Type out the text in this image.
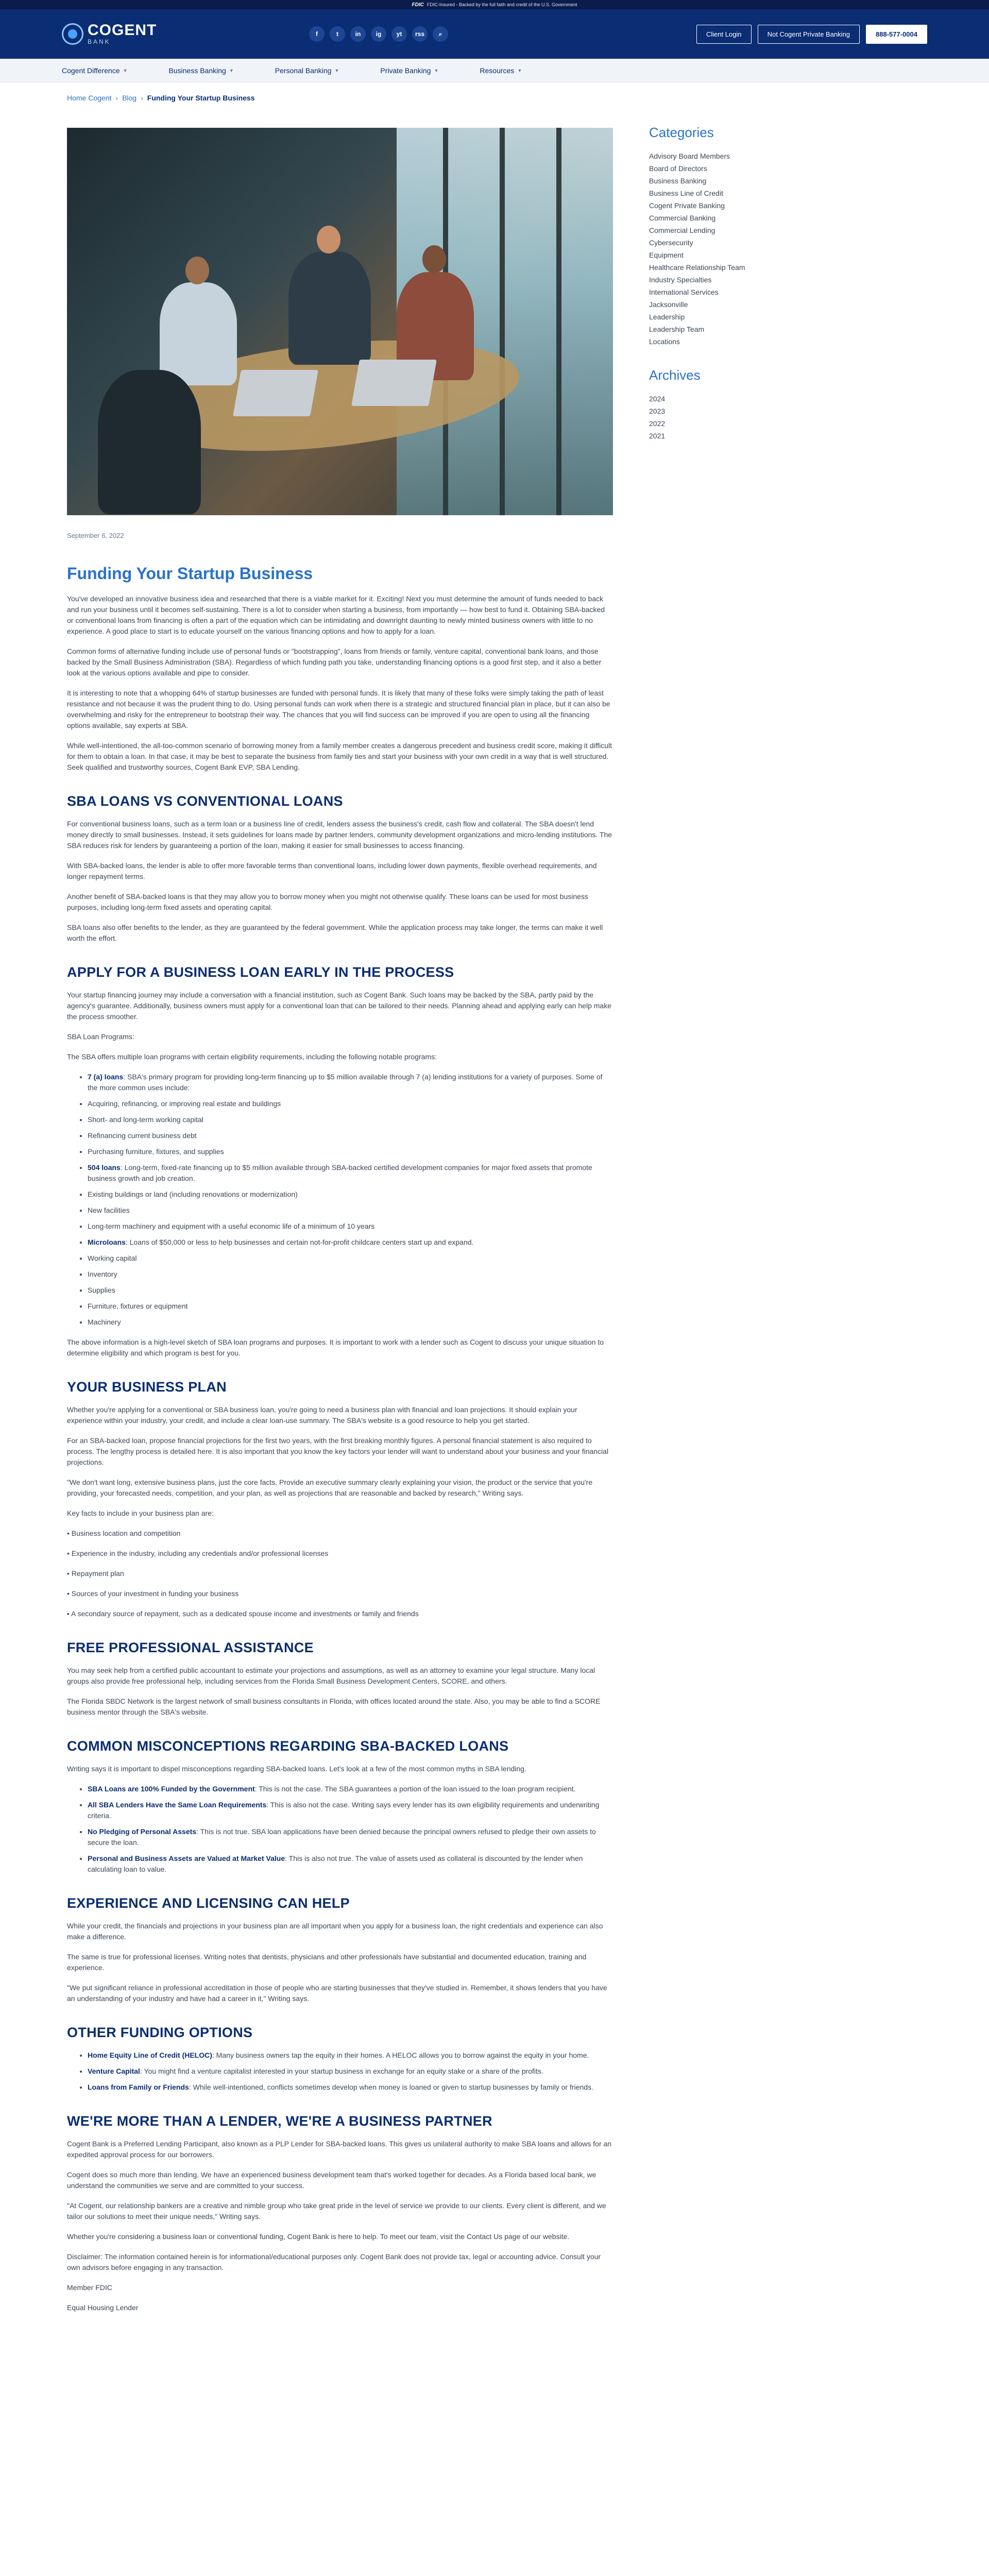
FDIC FDIC-Insured - Backed by the full faith and credit of the U.S. Government
COGENT
BANK
f	t	in	ig	yt	rss	⌕	Client Login	Not Cogent Private Banking	888-577-0004
Cogent Difference ▼	Business Banking ▼	Personal Banking ▼	Private Banking ▼	Resources ▼
Home Cogent › Blog › Funding Your Startup Business
September 6, 2022
Funding Your Startup Business

You've developed an innovative business idea and researched that there is a viable market for it. Exciting! Next you must determine the amount of funds needed to back and run your business until it becomes self-sustaining. There is a lot to consider when starting a business, from importantly — how best to fund it. Obtaining SBA-backed or conventional loans from financing is often a part of the equation which can be intimidating and downright daunting to newly minted business owners with little to no experience. A good place to start is to educate yourself on the various financing options and how to apply for a loan.

Common forms of alternative funding include use of personal funds or "bootstrapping", loans from friends or family, venture capital, conventional bank loans, and those backed by the Small Business Administration (SBA). Regardless of which funding path you take, understanding financing options is a good first step, and it also a better look at the various options available and pipe to consider.

It is interesting to note that a whopping 64% of startup businesses are funded with personal funds. It is likely that many of these folks were simply taking the path of least resistance and not because it was the prudent thing to do. Using personal funds can work when there is a strategic and structured financial plan in place, but it can also be overwhelming and risky for the entrepreneur to bootstrap their way. The chances that you will find success can be improved if you are open to using all the financing options available, say experts at SBA.

While well-intentioned, the all-too-common scenario of borrowing money from a family member creates a dangerous precedent and business credit score, making it difficult for them to obtain a loan. In that case, it may be best to separate the business from family ties and start your business with your own credit in a way that is well structured. Seek qualified and trustworthy sources, Cogent Bank EVP, SBA Lending.

SBA LOANS VS CONVENTIONAL LOANS

For conventional business loans, such as a term loan or a business line of credit, lenders assess the business's credit, cash flow and collateral. The SBA doesn't lend money directly to small businesses. Instead, it sets guidelines for loans made by partner lenders, community development organizations and micro-lending institutions. The SBA reduces risk for lenders by guaranteeing a portion of the loan, making it easier for small businesses to access financing.

With SBA-backed loans, the lender is able to offer more favorable terms than conventional loans, including lower down payments, flexible overhead requirements, and longer repayment terms.

Another benefit of SBA-backed loans is that they may allow you to borrow money when you might not otherwise qualify. These loans can be used for most business purposes, including long-term fixed assets and operating capital.

SBA loans also offer benefits to the lender, as they are guaranteed by the federal government. While the application process may take longer, the terms can make it well worth the effort.

APPLY FOR A BUSINESS LOAN EARLY IN THE PROCESS

Your startup financing journey may include a conversation with a financial institution, such as Cogent Bank. Such loans may be backed by the SBA, partly paid by the agency's guarantee. Additionally, business owners must apply for a conventional loan that can be tailored to their needs. Planning ahead and applying early can help make the process smoother.

SBA Loan Programs:

The SBA offers multiple loan programs with certain eligibility requirements, including the following notable programs:

• 7 (a) loans: SBA's primary program for providing long-term financing up to $5 million available through 7 (a) lending institutions for a variety of purposes. Some of the more common uses include:
• Acquiring, refinancing, or improving real estate and buildings
• Short- and long-term working capital
• Refinancing current business debt
• Purchasing furniture, fixtures, and supplies
• 504 loans: Long-term, fixed-rate financing up to $5 million available through SBA-backed certified development companies for major fixed assets that promote business growth and job creation.
• Existing buildings or land (including renovations or modernization)
• New facilities
• Long-term machinery and equipment with a useful economic life of a minimum of 10 years
• Microloans: Loans of $50,000 or less to help businesses and certain not-for-profit childcare centers start up and expand.
• Working capital
• Inventory
• Supplies
• Furniture, fixtures or equipment
• Machinery

The above information is a high-level sketch of SBA loan programs and purposes. It is important to work with a lender such as Cogent to discuss your unique situation to determine eligibility and which program is best for you.

YOUR BUSINESS PLAN

Whether you're applying for a conventional or SBA business loan, you're going to need a business plan with financial and loan projections. It should explain your experience within your industry, your credit, and include a clear loan-use summary. The SBA's website is a good resource to help you get started.

For an SBA-backed loan, propose financial projections for the first two years, with the first breaking monthly figures. A personal financial statement is also required to process. The lengthy process is detailed here. It is also important that you know the key factors your lender will want to understand about your business and your financial projections.

"We don't want long, extensive business plans, just the core facts. Provide an executive summary clearly explaining your vision, the product or the service that you're providing, your forecasted needs, competition, and your plan, as well as projections that are reasonable and backed by research," Writing says.

Key facts to include in your business plan are:

• Business location and competition

• Experience in the industry, including any credentials and/or professional licenses

• Repayment plan

• Sources of your investment in funding your business

• A secondary source of repayment, such as a dedicated spouse income and investments or family and friends

FREE PROFESSIONAL ASSISTANCE

You may seek help from a certified public accountant to estimate your projections and assumptions, as well as an attorney to examine your legal structure. Many local groups also provide free professional help, including services from the Florida Small Business Development Centers, SCORE, and others.

The Florida SBDC Network is the largest network of small business consultants in Florida, with offices located around the state. Also, you may be able to find a SCORE business mentor through the SBA's website.

COMMON MISCONCEPTIONS REGARDING SBA-BACKED LOANS

Writing says it is important to dispel misconceptions regarding SBA-backed loans. Let's look at a few of the most common myths in SBA lending.

• SBA Loans are 100% Funded by the Government: This is not the case. The SBA guarantees a portion of the loan issued to the loan program recipient.
• All SBA Lenders Have the Same Loan Requirements: This is also not the case. Writing says every lender has its own eligibility requirements and underwriting criteria.
• No Pledging of Personal Assets: This is not true. SBA loan applications have been denied because the principal owners refused to pledge their own assets to secure the loan.
• Personal and Business Assets are Valued at Market Value: This is also not true. The value of assets used as collateral is discounted by the lender when calculating loan to value.
EXPERIENCE AND LICENSING CAN HELP

While your credit, the financials and projections in your business plan are all important when you apply for a business loan, the right credentials and experience can also make a difference.

The same is true for professional licenses. Writing notes that dentists, physicians and other professionals have substantial and documented education, training and experience.

"We put significant reliance in professional accreditation in those of people who are starting businesses that they've studied in. Remember, it shows lenders that you have an understanding of your industry and have had a career in it," Writing says.

OTHER FUNDING OPTIONS
• Home Equity Line of Credit (HELOC): Many business owners tap the equity in their homes. A HELOC allows you to borrow against the equity in your home.
• Venture Capital: You might find a venture capitalist interested in your startup business in exchange for an equity stake or a share of the profits.
• Loans from Family or Friends: While well-intentioned, conflicts sometimes develop when money is loaned or given to startup businesses by family or friends.
WE'RE MORE THAN A LENDER, WE'RE A BUSINESS PARTNER

Cogent Bank is a Preferred Lending Participant, also known as a PLP Lender for SBA-backed loans. This gives us unilateral authority to make SBA loans and allows for an expedited approval process for our borrowers.

Cogent does so much more than lending. We have an experienced business development team that's worked together for decades. As a Florida based local bank, we understand the communities we serve and are committed to your success.

"At Cogent, our relationship bankers are a creative and nimble group who take great pride in the level of service we provide to our clients. Every client is different, and we tailor our solutions to meet their unique needs," Writing says.

Whether you're considering a business loan or conventional funding, Cogent Bank is here to help. To meet our team, visit the Contact Us page of our website.

Disclaimer: The information contained herein is for informational/educational purposes only. Cogent Bank does not provide tax, legal or accounting advice. Consult your own advisors before engaging in any transaction.

Member FDIC

Equal Housing Lender

Categories
Advisory Board Members
Board of Directors
Business Banking
Business Line of Credit
Cogent Private Banking
Commercial Banking
Commercial Lending
Cybersecurity
Equipment
Healthcare Relationship Team
Industry Specialties
International Services
Jacksonville
Leadership
Leadership Team
Locations
Archives
2024
2023
2022
2021
